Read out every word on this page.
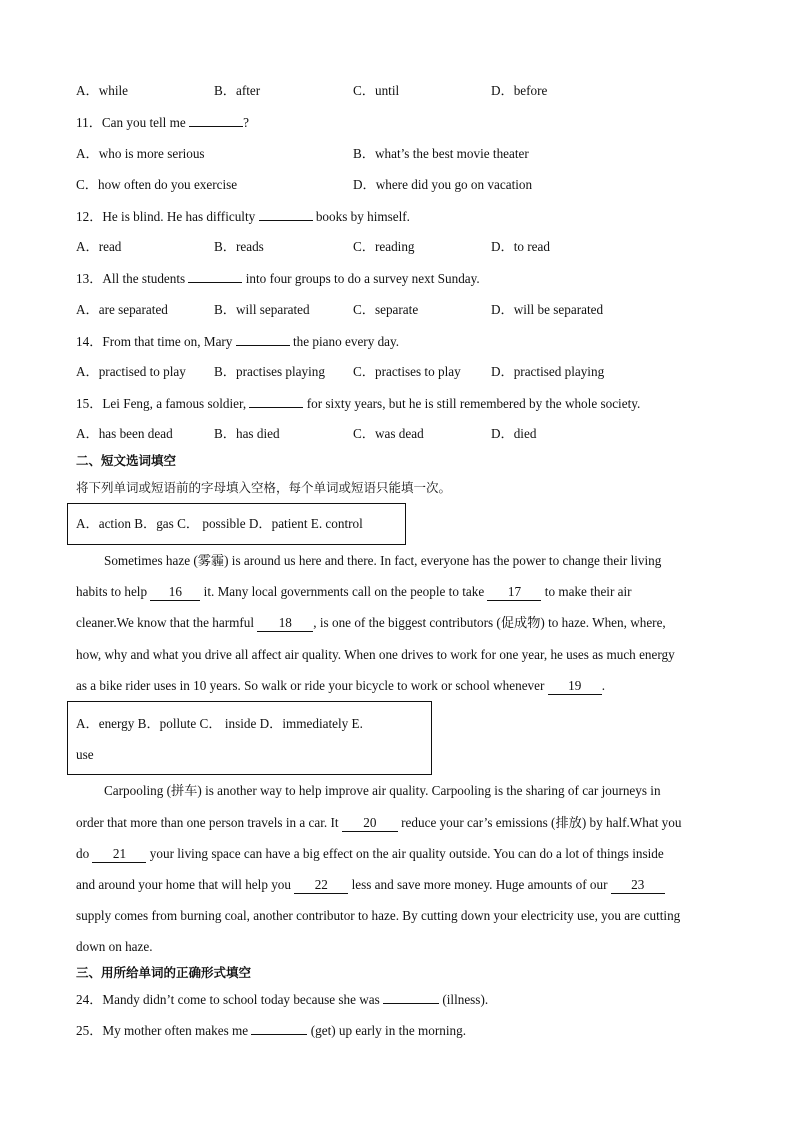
A．while	B．after	C．until	D．before
11．Can you tell me	?
A．who is more serious	B．what’s the best movie theater
C．how often do you exercise	D．where did you go on vacation
12．He is blind. He has difficulty	books by himself.
A．read	B．reads	C．reading	D．to read
13．All the students	into four groups to do a survey next Sunday.
A．are separated	B．will separated	C．separate	D．will be separated
14．From that time on, Mary	the piano every day.
A．practised to play B．practises playing C．practises to play D．practised playing
15．Lei Feng, a famous soldier,	for sixty years, but he is still remembered by the whole society.
A．has been dead	B．has died	C．was dead	D．died
二、短文选词填空
将下列单词或短语前的字母填入空格，每个单词或短语只能填一次。
A．action B．gas C． possible D．patient E. control
Sometimes haze (雾霾) is around us here and there. In fact, everyone has the power to change their living
habits to help 16 it. Many local governments call on the people to take 17 to make their air
cleaner.We know that the harmful 18 , is one of the biggest contributors (促成物) to haze. When, where,
how, why and what you drive all affect air quality. When one drives to work for one year, he uses as much energy
as a bike rider uses in 10 years. So walk or ride your bicycle to work or school whenever 19 .
A．energy B．pollute C． inside D．immediately E.
use
Carpooling (拼车) is another way to help improve air quality. Carpooling is the sharing of car journeys in
order that more than one person travels in a car. It 20 reduce your car’s emissions (排放) by half.What you
do 21 your living space can have a big effect on the air quality outside. You can do a lot of things inside
and around your home that will help you 22 less and save more money. Huge amounts of our 23
supply comes from burning coal, another contributor to haze. By cutting down your electricity use, you are cutting
down on haze.
三、用所给单词的正确形式填空
24．Mandy didn’t come to school today because she was	(illness).
25．My mother often makes me	(get) up early in the morning.
